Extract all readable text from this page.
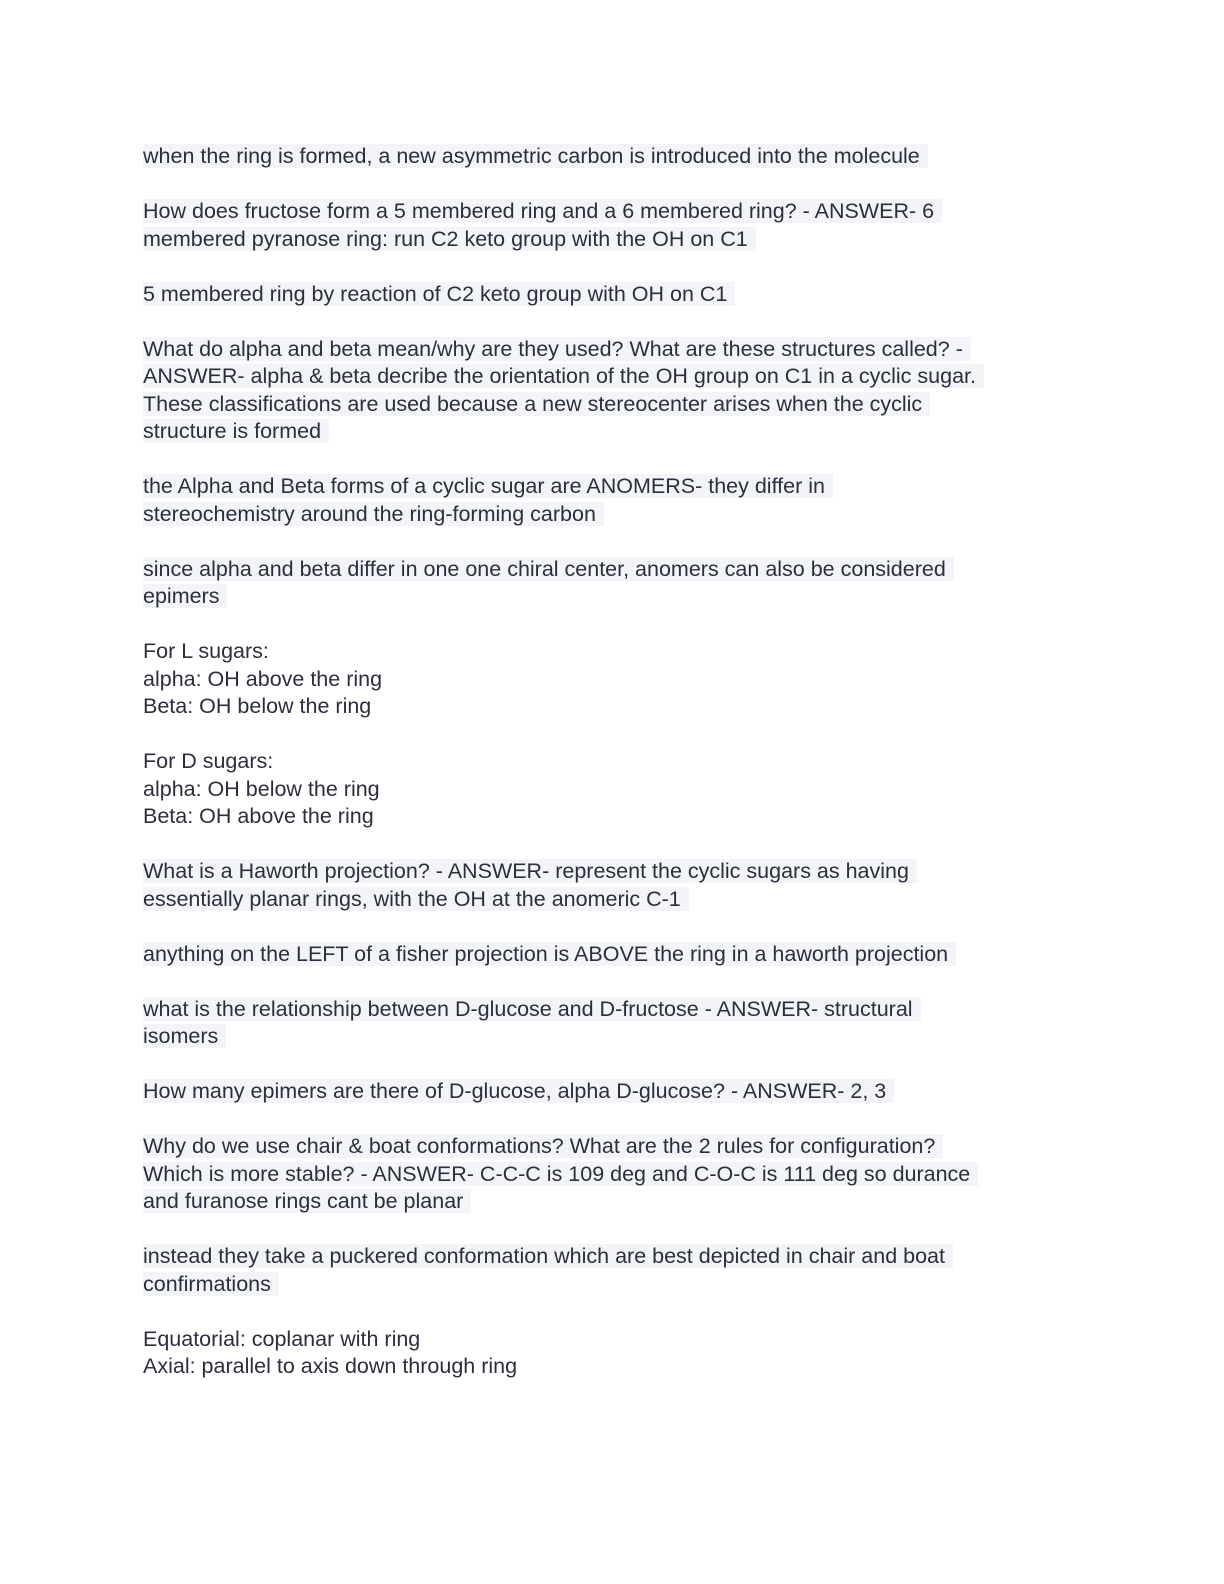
when the ring is formed, a new asymmetric carbon is introduced into the molecule
How does fructose form a 5 membered ring and a 6 membered ring? - ANSWER- 6
membered pyranose ring: run C2 keto group with the OH on C1
5 membered ring by reaction of C2 keto group with OH on C1
What do alpha and beta mean/why are they used? What are these structures called? -
ANSWER- alpha & beta decribe the orientation of the OH group on C1 in a cyclic sugar.
These classifications are used because a new stereocenter arises when the cyclic
structure is formed
the Alpha and Beta forms of a cyclic sugar are ANOMERS- they differ in
stereochemistry around the ring-forming carbon
since alpha and beta differ in one one chiral center, anomers can also be considered
epimers
For L sugars:
alpha: OH above the ring
Beta: OH below the ring
For D sugars:
alpha: OH below the ring
Beta: OH above the ring
What is a Haworth projection? - ANSWER- represent the cyclic sugars as having
essentially planar rings, with the OH at the anomeric C-1
anything on the LEFT of a fisher projection is ABOVE the ring in a haworth projection
what is the relationship between D-glucose and D-fructose - ANSWER- structural
isomers
How many epimers are there of D-glucose, alpha D-glucose? - ANSWER- 2, 3
Why do we use chair & boat conformations? What are the 2 rules for configuration?
Which is more stable? - ANSWER- C-C-C is 109 deg and C-O-C is 111 deg so durance
and furanose rings cant be planar
instead they take a puckered conformation which are best depicted in chair and boat
confirmations
Equatorial: coplanar with ring
Axial: parallel to axis down through ring
